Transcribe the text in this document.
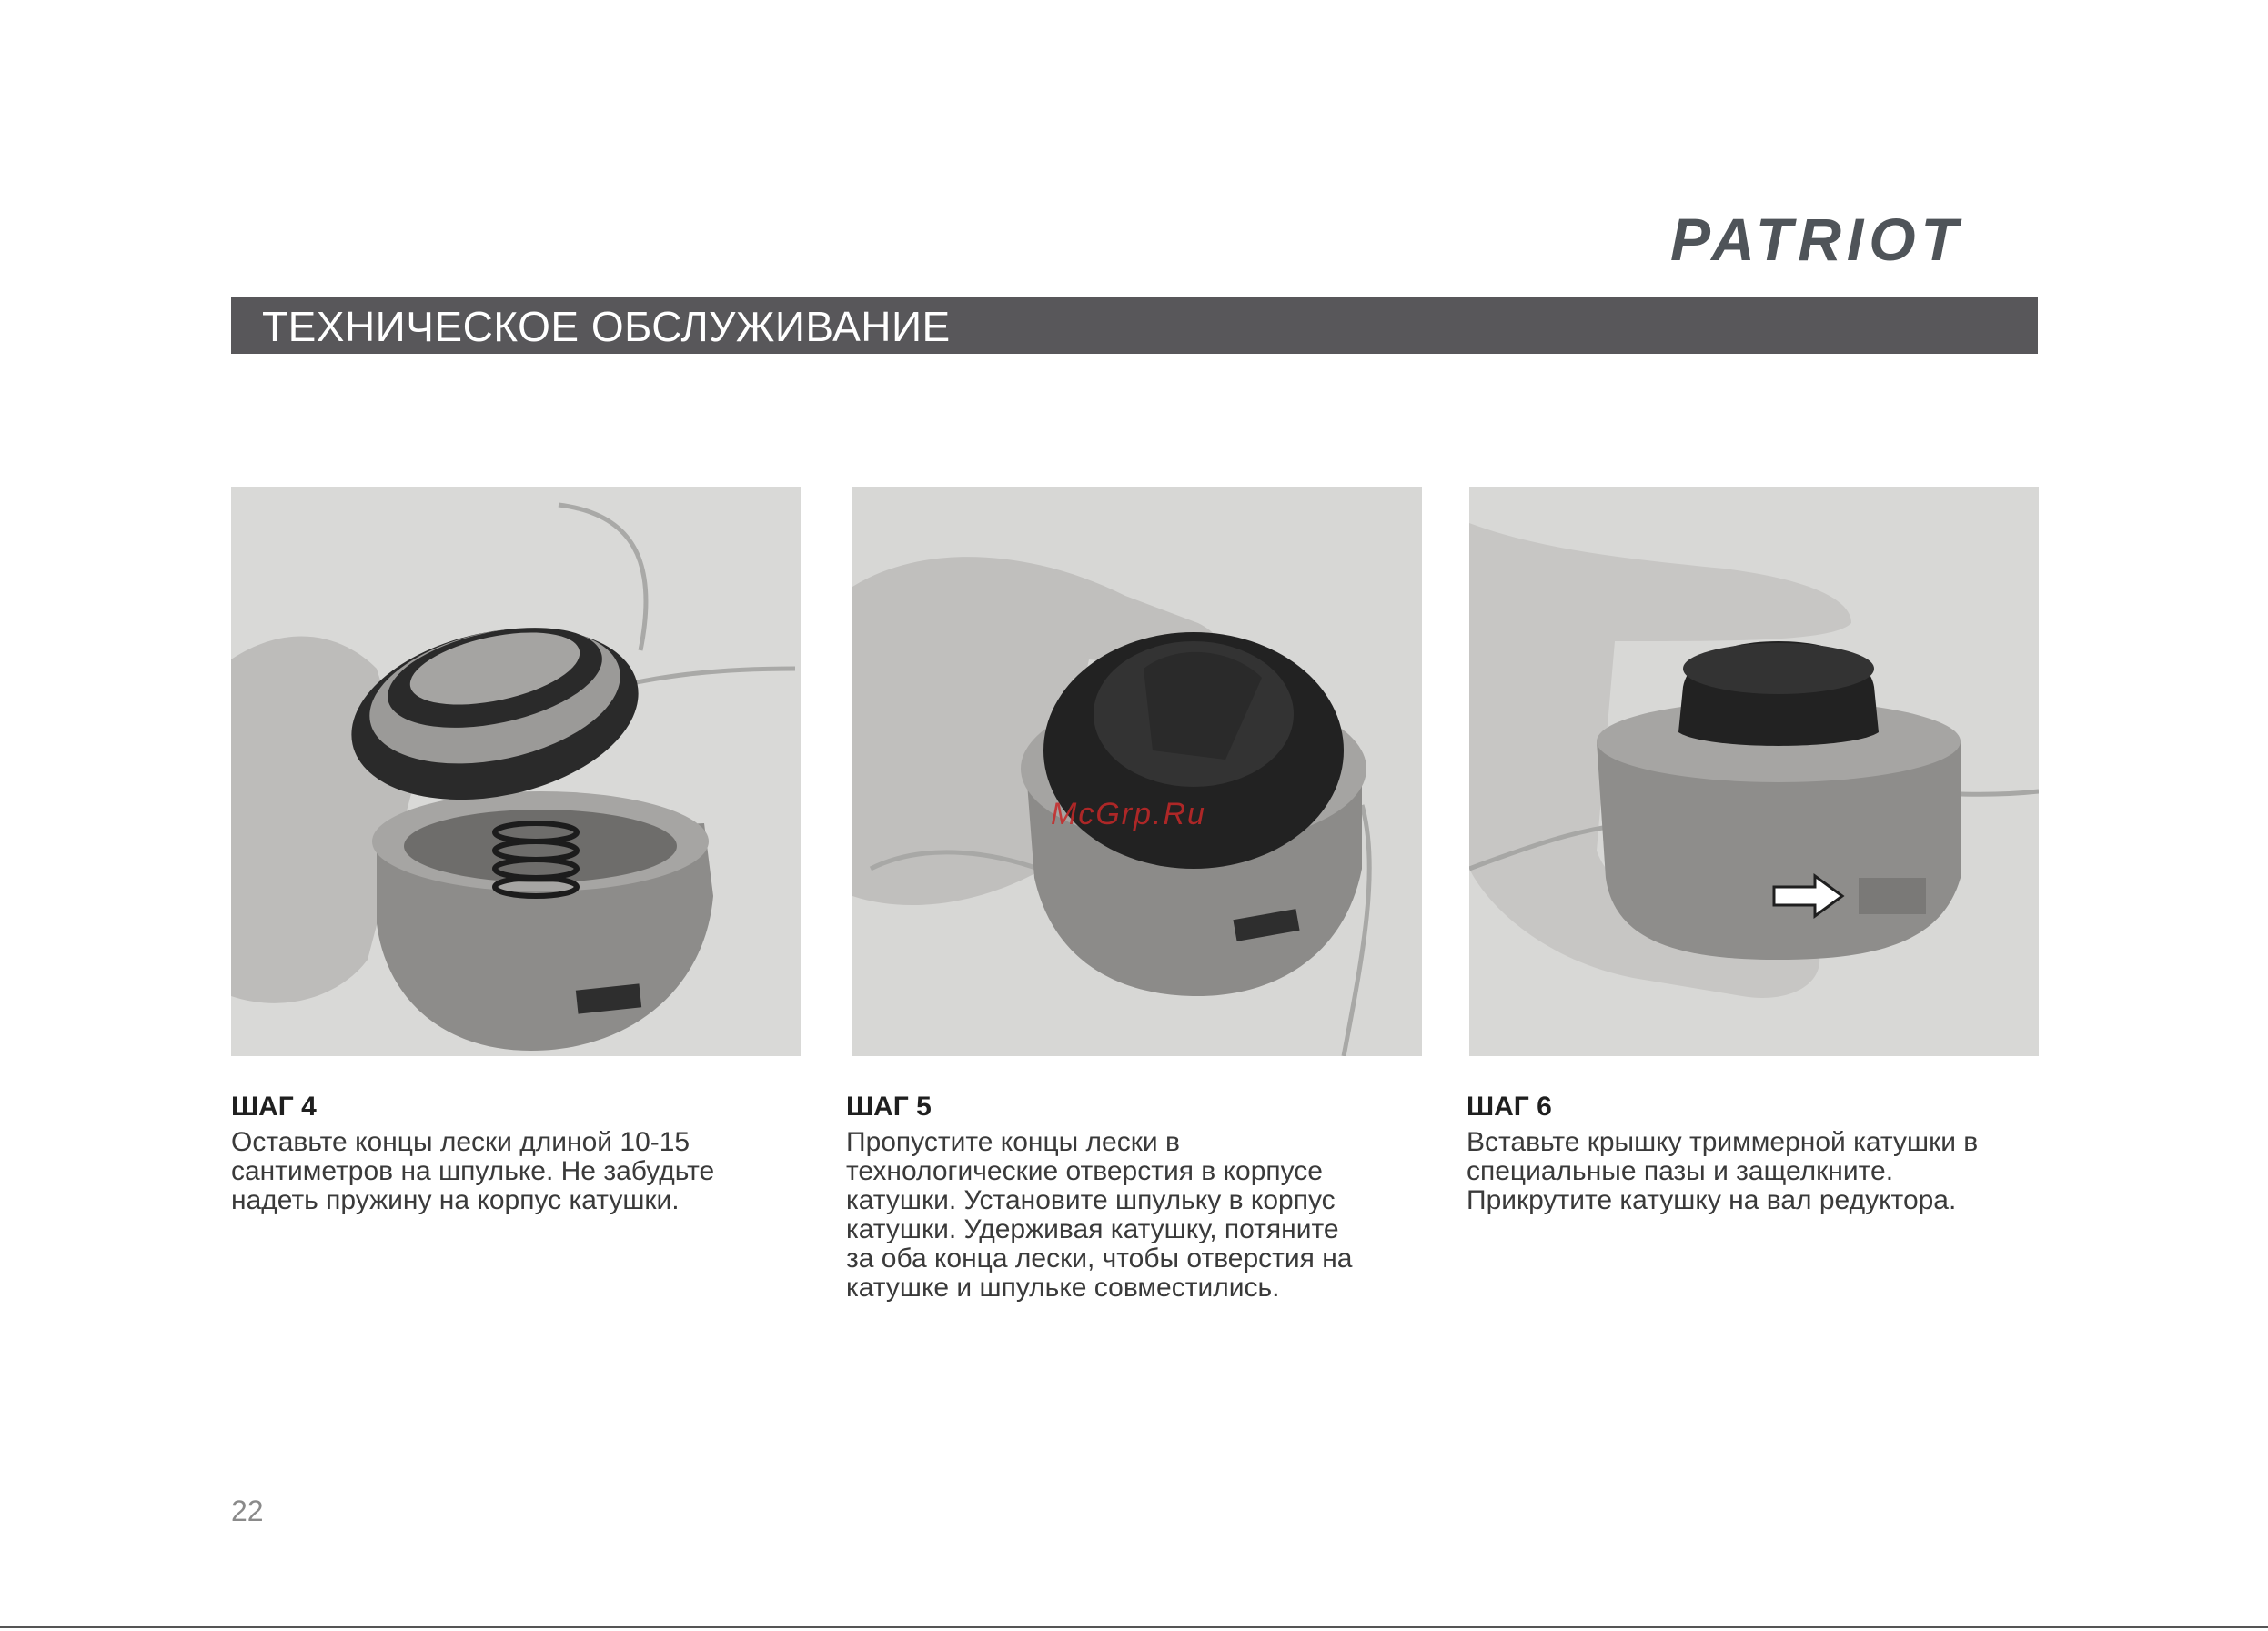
PATRIOT
ТЕХНИЧЕСКОЕ ОБСЛУЖИВАНИЕ
McGrp.Ru
ШАГ 4
Оставьте концы лески длиной 10-15
сантиметров на шпульке. Не забудьте
надеть пружину на корпус катушки.
ШАГ 5
Пропустите концы лески в
технологические отверстия в корпусе
катушки. Установите шпульку в корпус
катушки. Удерживая катушку, потяните
за оба конца лески, чтобы отверстия на
катушке и шпульке совместились.
ШАГ 6
Вставьте крышку триммерной катушки в
специальные пазы и защелкните.
Прикрутите катушку на вал редуктора.
22
